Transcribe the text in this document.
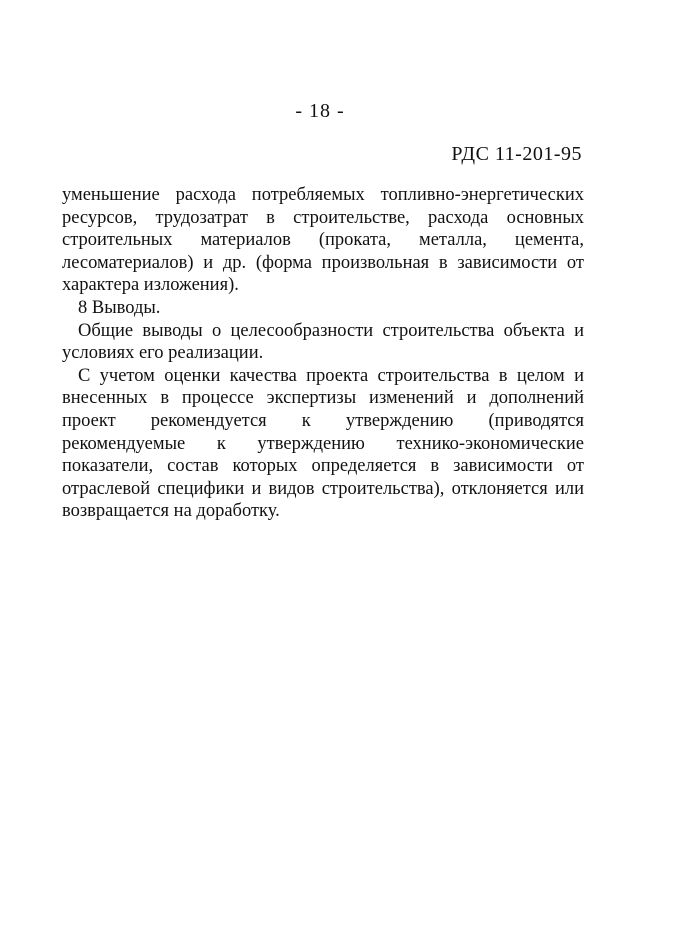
- 18 -
РДС 11-201-95

уменьшение расхода потребляемых топливно-энергетических ресурсов, трудозатрат в строительстве, расхода основных строительных материалов (проката, металла, цемента, лесоматериалов) и др. (форма произвольная в зависимости от характера изложения).

8 Выводы.

Общие выводы о целесообразности строительства объекта и условиях его реализации.

С учетом оценки качества проекта строительства в целом и внесенных в процессе экспертизы изменений и дополнений проект рекомендуется к утверждению (приводятся рекомендуемые к утверждению технико-экономические показатели, состав которых определяется в зависимости от отраслевой специфики и видов строительства), отклоняется или возвращается на доработку.
